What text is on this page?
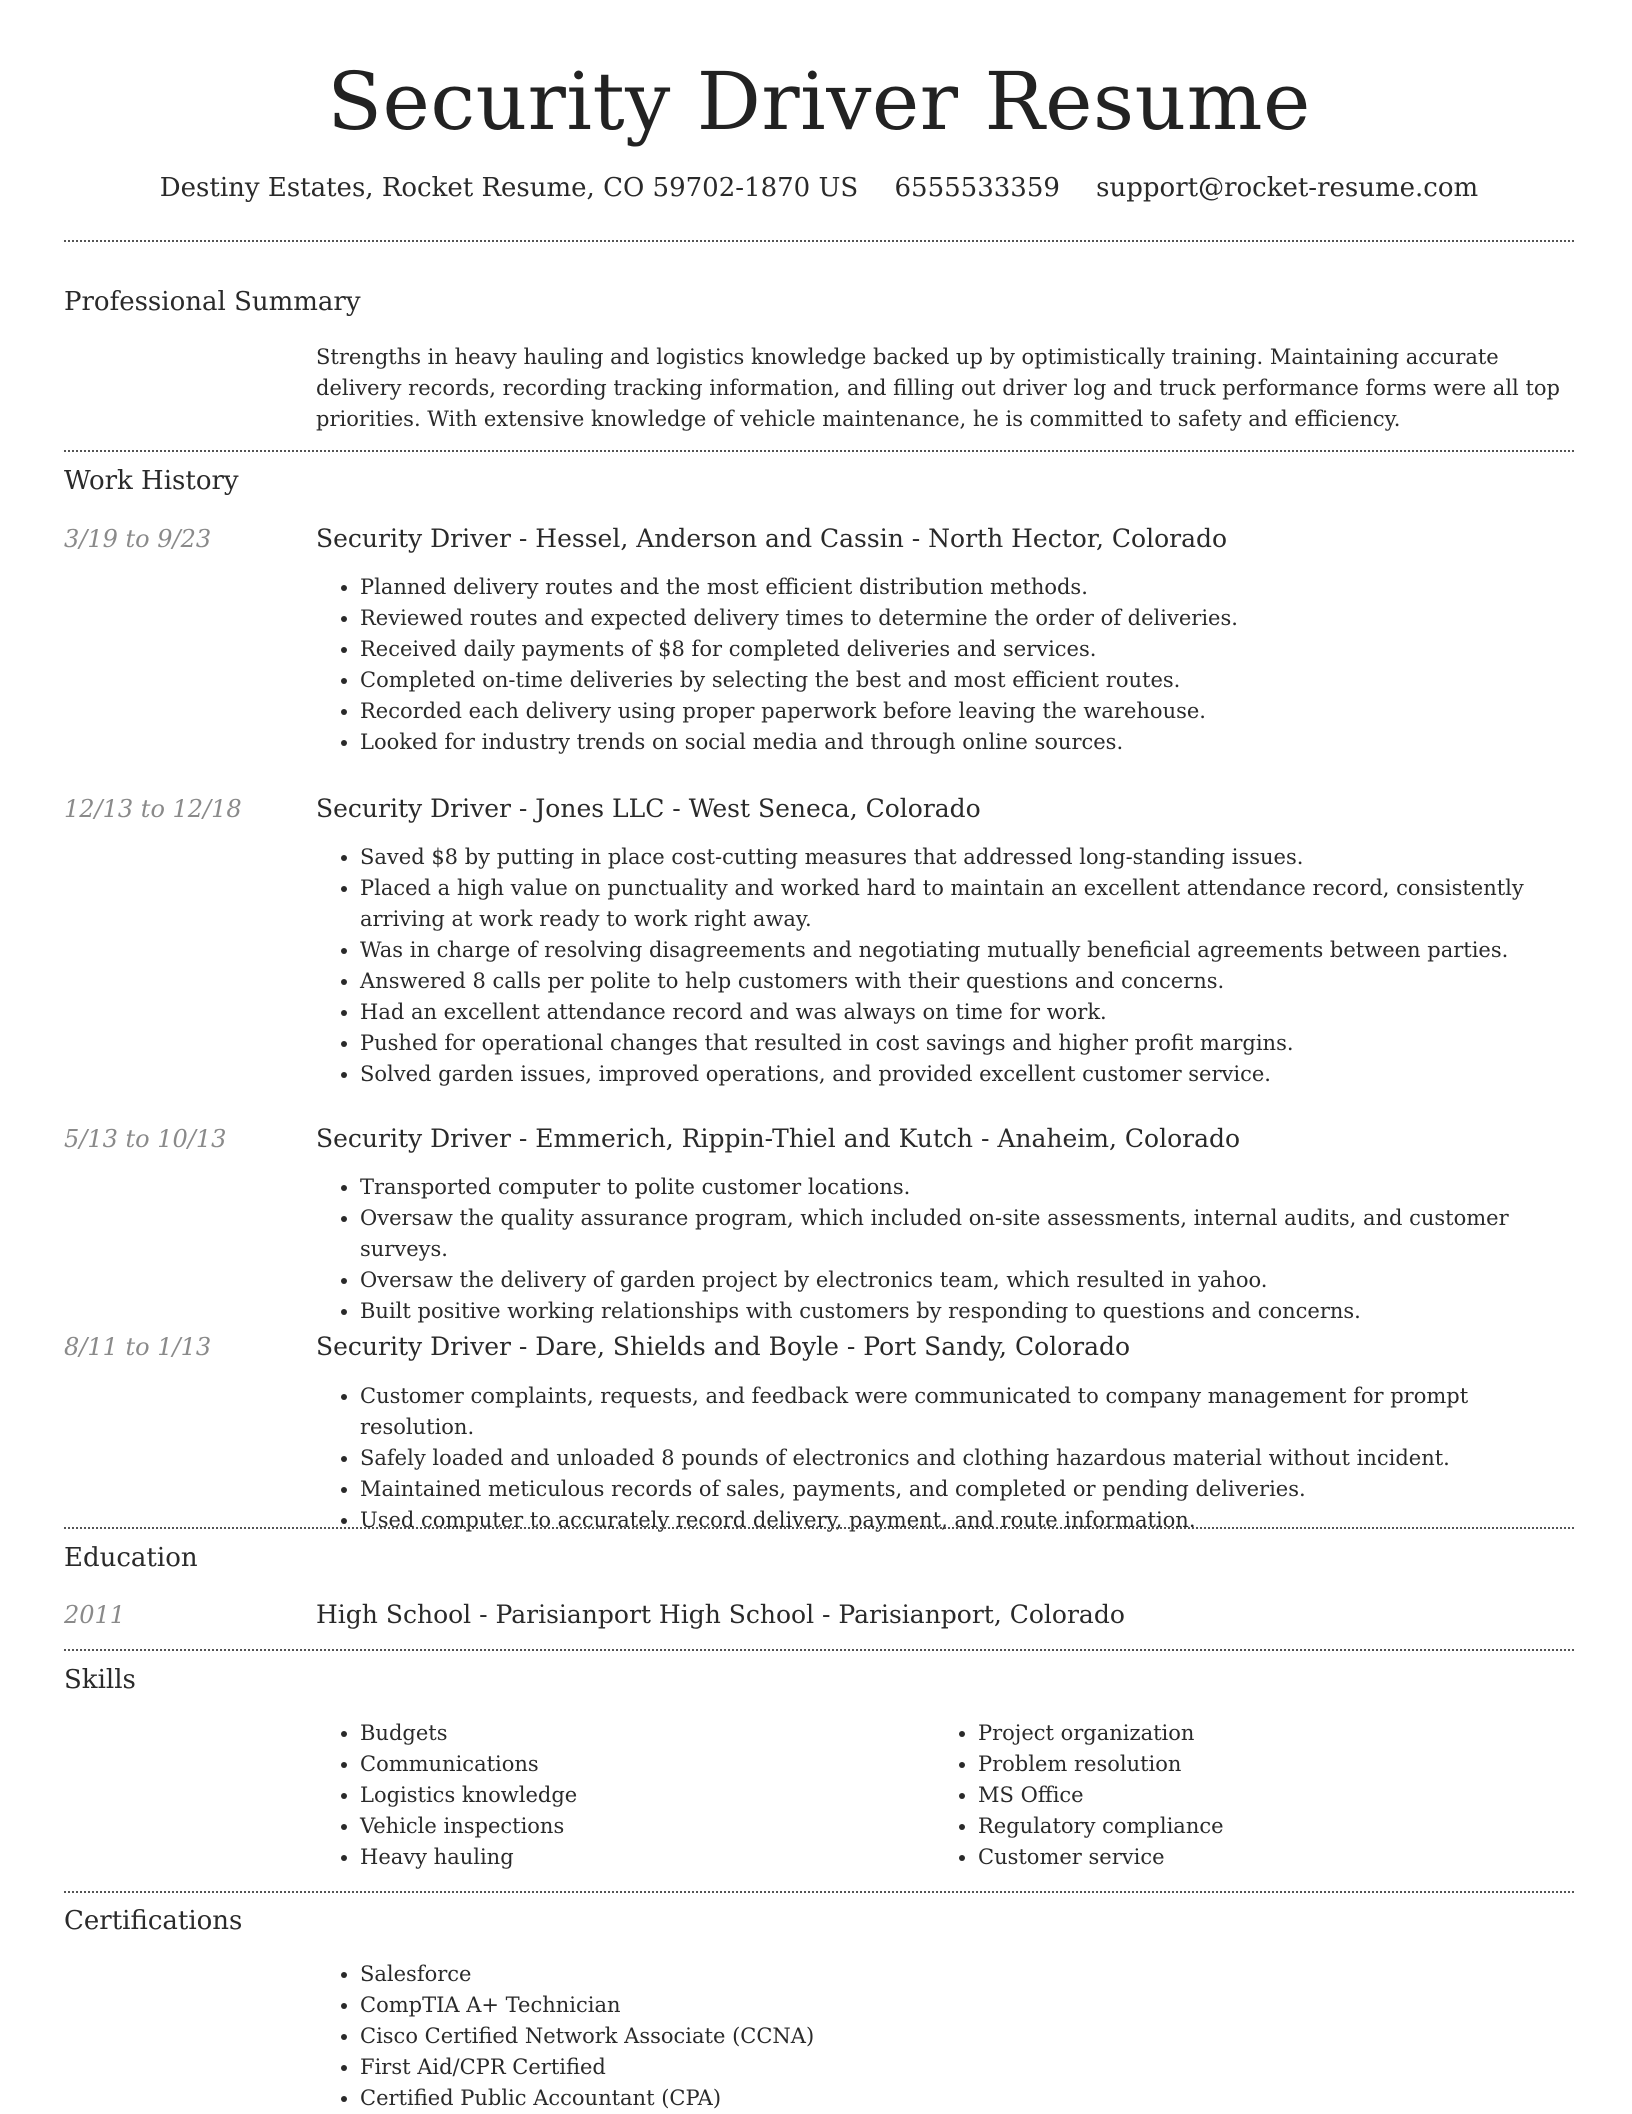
Security Driver Resume
Destiny Estates, Rocket Resume, CO 59702-1870 US 6555533359 support@rocket-resume.com
Professional Summary
Strengths in heavy hauling and logistics knowledge backed up by optimistically training. Maintaining accurate delivery records, recording tracking information, and filling out driver log and truck performance forms were all top priorities. With extensive knowledge of vehicle maintenance, he is committed to safety and efficiency.
Work History
3/19 to 9/23	Security Driver - Hessel, Anderson and Cassin - North Hector, Colorado
• Planned delivery routes and the most efficient distribution methods.
• Reviewed routes and expected delivery times to determine the order of deliveries.
• Received daily payments of $8 for completed deliveries and services.
• Completed on-time deliveries by selecting the best and most efficient routes.
• Recorded each delivery using proper paperwork before leaving the warehouse.
• Looked for industry trends on social media and through online sources.
12/13 to 12/18	Security Driver - Jones LLC - West Seneca, Colorado
• Saved $8 by putting in place cost-cutting measures that addressed long-standing issues.
• Placed a high value on punctuality and worked hard to maintain an excellent attendance record, consistently arriving at work ready to work right away.
• Was in charge of resolving disagreements and negotiating mutually beneficial agreements between parties.
• Answered 8 calls per polite to help customers with their questions and concerns.
• Had an excellent attendance record and was always on time for work.
• Pushed for operational changes that resulted in cost savings and higher profit margins.
• Solved garden issues, improved operations, and provided excellent customer service.
5/13 to 10/13	Security Driver - Emmerich, Rippin-Thiel and Kutch - Anaheim, Colorado
• Transported computer to polite customer locations.
• Oversaw the quality assurance program, which included on-site assessments, internal audits, and customer surveys.
• Oversaw the delivery of garden project by electronics team, which resulted in yahoo.
• Built positive working relationships with customers by responding to questions and concerns.
8/11 to 1/13	Security Driver - Dare, Shields and Boyle - Port Sandy, Colorado
• Customer complaints, requests, and feedback were communicated to company management for prompt resolution.
• Safely loaded and unloaded 8 pounds of electronics and clothing hazardous material without incident.
• Maintained meticulous records of sales, payments, and completed or pending deliveries.
• Used computer to accurately record delivery, payment, and route information.
Education
2011	High School - Parisianport High School - Parisianport, Colorado
Skills
• Budgets
• Communications
• Logistics knowledge
• Vehicle inspections
• Heavy hauling
• Project organization
• Problem resolution
• MS Office
• Regulatory compliance
• Customer service
Certifications
• Salesforce
• CompTIA A+ Technician
• Cisco Certified Network Associate (CCNA)
• First Aid/CPR Certified
• Certified Public Accountant (CPA)
